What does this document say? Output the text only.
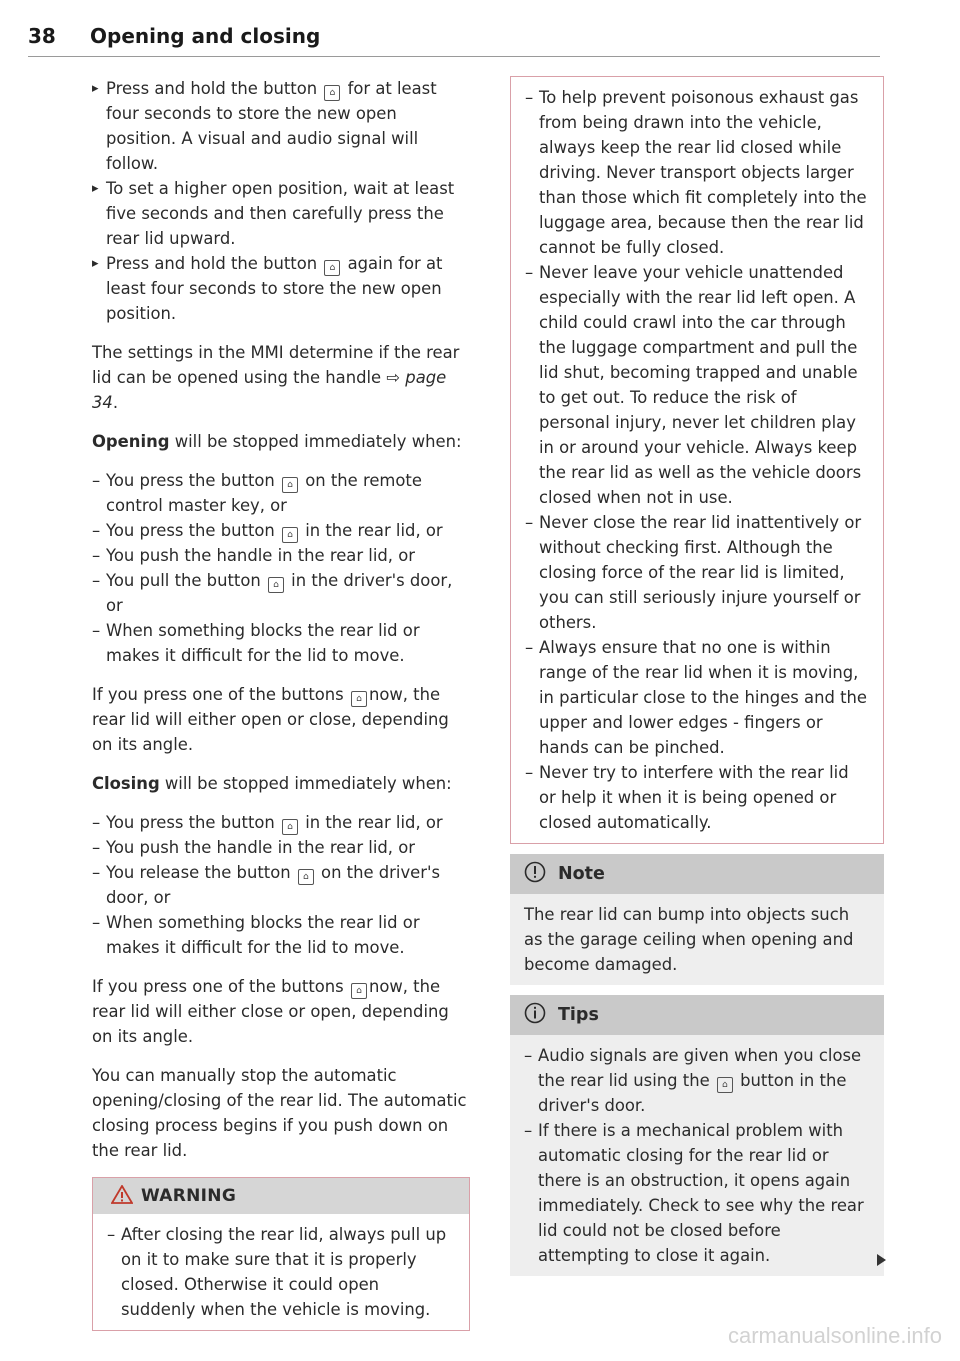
38 Opening and closing
▸ Press and hold the button ⌂ for at least four seconds to store the new open position. A visual and audio signal will follow.
▸ To set a higher open position, wait at least five seconds and then carefully press the rear lid upward.
▸ Press and hold the button ⌂ again for at least four seconds to store the new open position.

The settings in the MMI determine if the rear lid can be opened using the handle ⇨ page 34.

Opening will be stopped immediately when:

– You press the button ⌂ on the remote control master key, or
– You press the button ⌂ in the rear lid, or
– You push the handle in the rear lid, or
– You pull the button ⌂ in the driver's door, or
– When something blocks the rear lid or makes it difficult for the lid to move.

If you press one of the buttons ⌂ now, the rear lid will either open or close, depending on its angle.

Closing will be stopped immediately when:

– You press the button ⌂ in the rear lid, or
– You push the handle in the rear lid, or
– You release the button ⌂ on the driver's door, or
– When something blocks the rear lid or makes it difficult for the lid to move.

If you press one of the buttons ⌂ now, the rear lid will either close or open, depending on its angle.

You can manually stop the automatic opening/closing of the rear lid. The automatic closing process begins if you push down on the rear lid.

WARNING
– After closing the rear lid, always pull up on it to make sure that it is properly closed. Otherwise it could open suddenly when the vehicle is moving.
– To help prevent poisonous exhaust gas from being drawn into the vehicle, always keep the rear lid closed while driving. Never transport objects larger than those which fit completely into the luggage area, because then the rear lid cannot be fully closed.
– Never leave your vehicle unattended especially with the rear lid left open. A child could crawl into the car through the luggage compartment and pull the lid shut, becoming trapped and unable to get out. To reduce the risk of personal injury, never let children play in or around your vehicle. Always keep the rear lid as well as the vehicle doors closed when not in use.
– Never close the rear lid inattentively or without checking first. Although the closing force of the rear lid is limited, you can still seriously injure yourself or others.
– Always ensure that no one is within range of the rear lid when it is moving, in particular close to the hinges and the upper and lower edges - fingers or hands can be pinched.
– Never try to interfere with the rear lid or help it when it is being opened or closed automatically.
Note

The rear lid can bump into objects such as the garage ceiling when opening and become damaged.

Tips
– Audio signals are given when you close the rear lid using the ⌂ button in the driver's door.
– If there is a mechanical problem with automatic closing for the rear lid or there is an obstruction, it opens again immediately. Check to see why the rear lid could not be closed before attempting to close it again.
carmanualsonline.info
